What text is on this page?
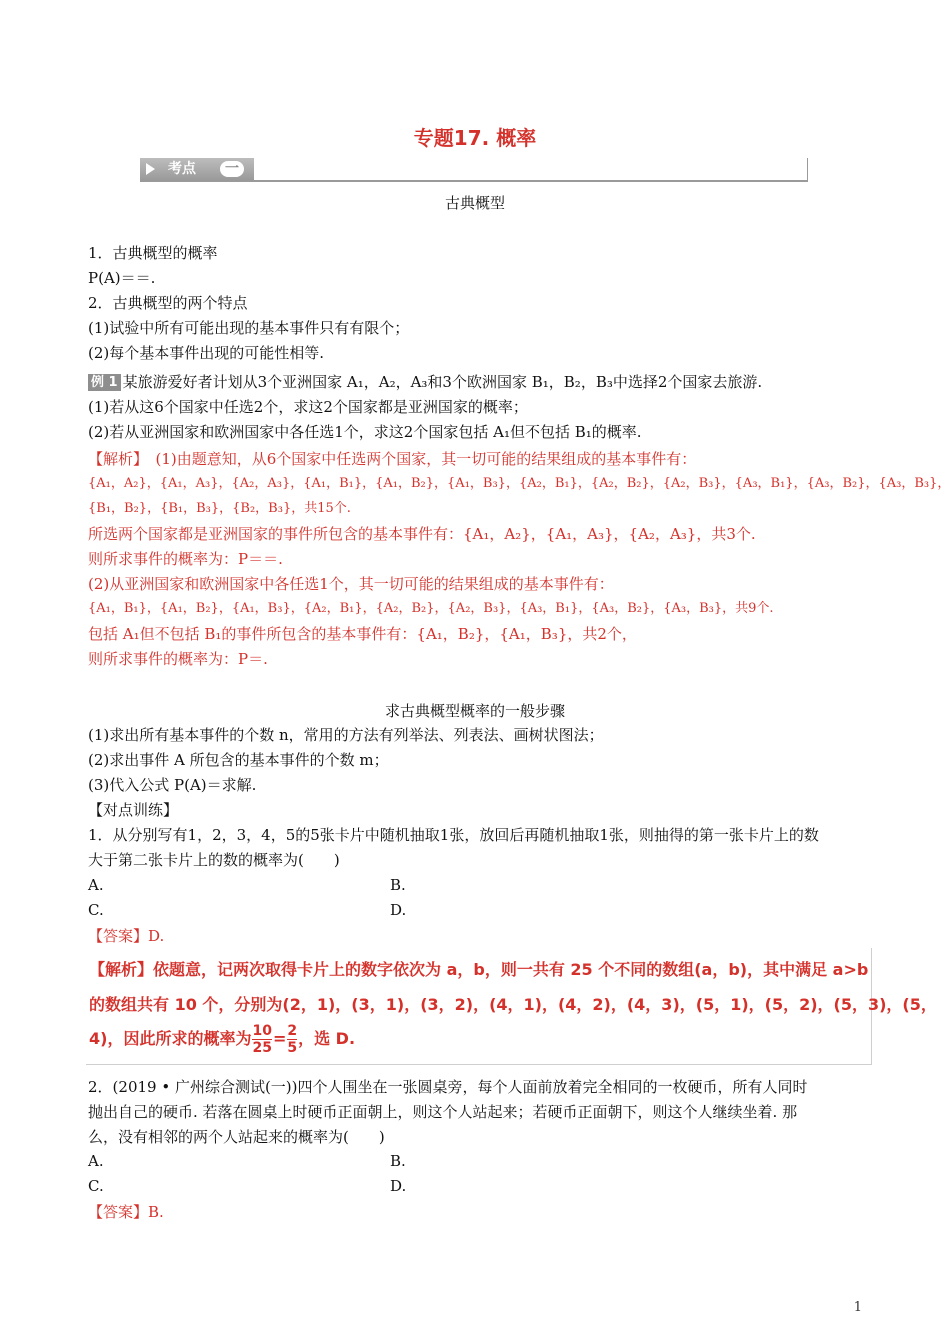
专题17. 概率
考点	一
古典概型
1．古典概型的概率
P(A)＝＝.
2．古典概型的两个特点
(1)试验中所有可能出现的基本事件只有有限个；
(2)每个基本事件出现的可能性相等.
例 1 某旅游爱好者计划从3个亚洲国家 A₁，A₂，A₃和3个欧洲国家 B₁，B₂，B₃中选择2个国家去旅游.
(1)若从这6个国家中任选2个，求这2个国家都是亚洲国家的概率；
(2)若从亚洲国家和欧洲国家中各任选1个，求这2个国家包括 A₁但不包括 B₁的概率.
【解析】　(1)由题意知，从6个国家中任选两个国家，其一切可能的结果组成的基本事件有：
{A₁，A₂}，{A₁，A₃}，{A₂，A₃}，{A₁，B₁}，{A₁，B₂}，{A₁，B₃}，{A₂，B₁}，{A₂，B₂}，{A₂，B₃}，{A₃，B₁}，{A₃，B₂}，{A₃，B₃}，
{B₁，B₂}，{B₁，B₃}，{B₂，B₃}，共15个.
所选两个国家都是亚洲国家的事件所包含的基本事件有：{A₁，A₂}，{A₁，A₃}，{A₂，A₃}，共3个.
则所求事件的概率为：P＝＝.
(2)从亚洲国家和欧洲国家中各任选1个，其一切可能的结果组成的基本事件有：
{A₁，B₁}，{A₁，B₂}，{A₁，B₃}，{A₂，B₁}，{A₂，B₂}，{A₂，B₃}，{A₃，B₁}，{A₃，B₂}，{A₃，B₃}，共9个.
包括 A₁但不包括 B₁的事件所包含的基本事件有：{A₁，B₂}，{A₁，B₃}，共2个，
则所求事件的概率为：P＝.
求古典概型概率的一般步骤
(1)求出所有基本事件的个数 n，常用的方法有列举法、列表法、画树状图法；
(2)求出事件 A 所包含的基本事件的个数 m；
(3)代入公式 P(A)＝求解.
【对点训练】
1．从分别写有1，2，3，4，5的5张卡片中随机抽取1张，放回后再随机抽取1张，则抽得的第一张卡片上的数
大于第二张卡片上的数的概率为(　　)
A.	B.
C.	D.
【答案】D.
【解析】依题意，记两次取得卡片上的数字依次为 a，b，则一共有 25 个不同的数组(a，b)，其中满足 a>b
的数组共有 10 个，分别为(2，1)，(3，1)，(3，2)，(4，1)，(4，2)，(4，3)，(5，1)，(5，2)，(5，3)，(5，
4)，因此所求的概率为 $\frac{10}{25} = \frac{2}{5}$ ，选 D.
2．(2019 • 广州综合测试(一))四个人围坐在一张圆桌旁，每个人面前放着完全相同的一枚硬币，所有人同时
抛出自己的硬币. 若落在圆桌上时硬币正面朝上，则这个人站起来；若硬币正面朝下，则这个人继续坐着. 那
么，没有相邻的两个人站起来的概率为(　　)
A.	B.
C.	D.
【答案】B.
1
